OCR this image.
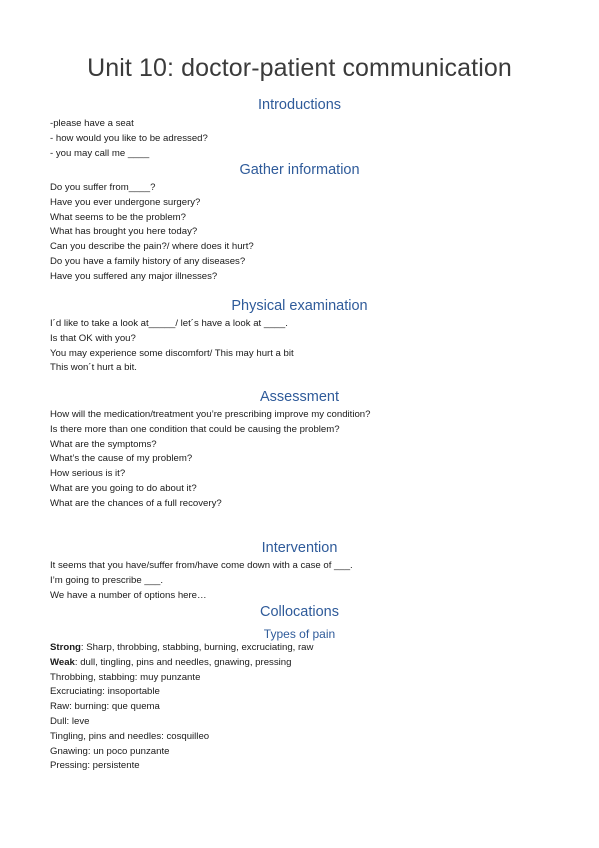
Unit 10: doctor-patient communication
Introductions
-please have a seat
- how would you like to be adressed?
- you may call me ____
Gather information
Do you suffer from____?
Have you ever undergone surgery?
What seems to be the problem?
What has brought you here today?
Can you describe the pain?/ where does it hurt?
Do you have a family history of any diseases?
Have you suffered any major illnesses?
Physical examination
I´d like to take a look at_____/ let´s have a look at ____.
Is that OK with you?
You may experience some discomfort/ This may hurt a bit
This won´t hurt a bit.
Assessment
How will the medication/treatment you’re prescribing improve my condition?
Is there more than one condition that could be causing the problem?
What are the symptoms?
What’s the cause of my problem?
How serious is it?
What are you going to do about it?
What are the chances of a full recovery?
Intervention
It seems that you have/suffer from/have come down with a case of ___.
I’m going to prescribe ___.
We have a number of options here…
Collocations
Types of pain
Strong: Sharp, throbbing, stabbing, burning, excruciating, raw
Weak: dull, tingling, pins and needles, gnawing, pressing
Throbbing, stabbing: muy punzante
Excruciating: insoportable
Raw: burning: que quema
Dull: leve
Tingling, pins and needles: cosquilleo
Gnawing: un poco punzante
Pressing: persistente
